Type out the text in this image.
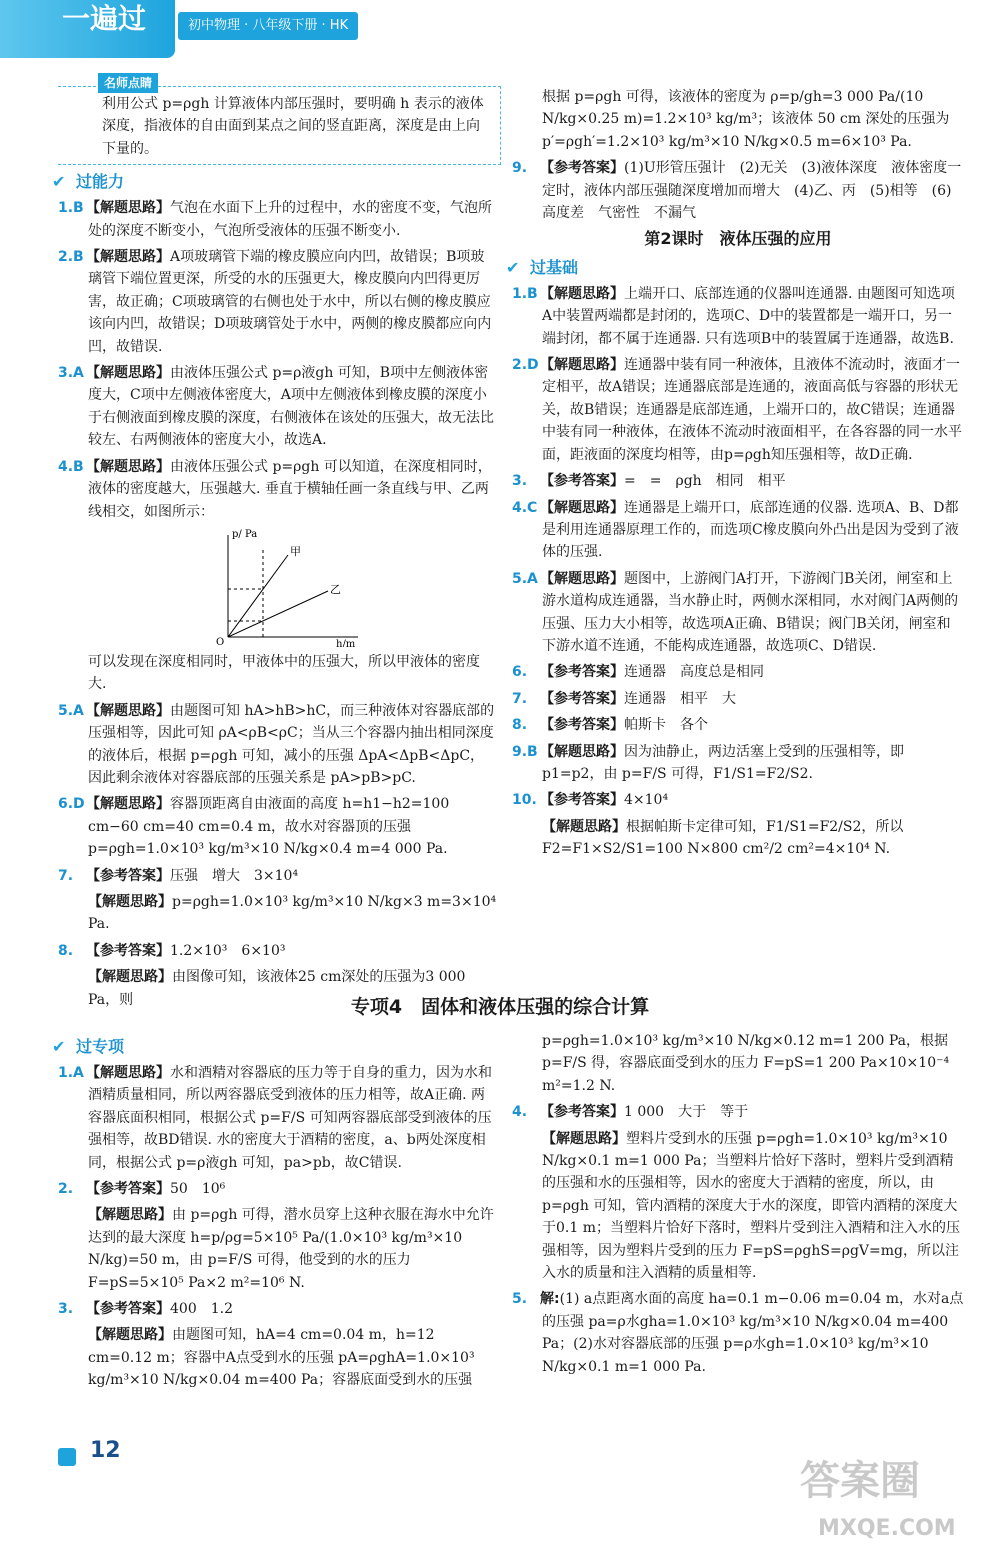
一遍过	初中物理 · 八年级下册 · HK
名师点睛
利用公式 p=ρgh 计算液体内部压强时，要明确 h 表示的液体深度，指液体的自由面到某点之间的竖直距离，深度是由上向下量的。
✔ 过能力
1.B 【解题思路】气泡在水面下上升的过程中，水的密度不变，气泡所处的深度不断变小，气泡所受液体的压强不断变小.
2.B 【解题思路】A项玻璃管下端的橡皮膜应向内凹，故错误；B项玻璃管下端位置更深，所受的水的压强更大，橡皮膜向内凹得更厉害，故正确；C项玻璃管的右侧也处于水中，所以右侧的橡皮膜应该向内凹，故错误；D项玻璃管处于水中，两侧的橡皮膜都应向内凹，故错误.
3.A 【解题思路】由液体压强公式 p=ρ液gh 可知，B项中左侧液体密度大，C项中左侧液体密度大，A项中左侧液体到橡皮膜的深度小于右侧液面到橡皮膜的深度，右侧液体在该处的压强大，故无法比较左、右两侧液体的密度大小，故选A.
4.B 【解题思路】由液体压强公式 p=ρgh 可以知道，在深度相同时，液体的密度越大，压强越大. 垂直于横轴任画一条直线与甲、乙两线相交，如图所示：
p/ Pa
h/m
O
甲
乙
可以发现在深度相同时，甲液体中的压强大，所以甲液体的密度大.
5.A 【解题思路】由题图可知 hA>hB>hC，而三种液体对容器底部的压强相等，因此可知 ρA<ρB<ρC；当从三个容器内抽出相同深度的液体后，根据 p=ρgh 可知，减小的压强 ΔpA<ΔpB<ΔpC，因此剩余液体对容器底部的压强关系是 pA>pB>pC.
6.D【解题思路】容器顶距离自由液面的高度 h=h1−h2=100 cm−60 cm=40 cm=0.4 m，故水对容器顶的压强 p=ρgh=1.0×10³ kg/m³×10 N/kg×0.4 m=4 000 Pa.
7. 【参考答案】压强　增大　3×10⁴
【解题思路】p=ρgh=1.0×10³ kg/m³×10 N/kg×3 m=3×10⁴ Pa.
8. 【参考答案】1.2×10³　6×10³
【解题思路】由图像可知，该液体25 cm深处的压强为3 000 Pa，则
根据 p=ρgh 可得，该液体的密度为 ρ=p/gh=3 000 Pa/(10 N/kg×0.25 m)=1.2×10³ kg/m³；该液体 50 cm 深处的压强为 p′=ρgh′=1.2×10³ kg/m³×10 N/kg×0.5 m=6×10³ Pa.
9. 【参考答案】(1)U形管压强计　(2)无关　(3)液体深度　液体密度一定时，液体内部压强随深度增加而增大　(4)乙、丙　(5)相等　(6)高度差　气密性　不漏气
第2课时　液体压强的应用
✔ 过基础
1.B 【解题思路】上端开口、底部连通的仪器叫连通器. 由题图可知选项A中装置两端都是封闭的，选项C、D中的装置都是一端开口，另一端封闭，都不属于连通器. 只有选项B中的装置属于连通器，故选B.
2.D【解题思路】连通器中装有同一种液体，且液体不流动时，液面才一定相平，故A错误；连通器底部是连通的，液面高低与容器的形状无关，故B错误；连通器是底部连通，上端开口的，故C错误；连通器中装有同一种液体，在液体不流动时液面相平，在各容器的同一水平面，距液面的深度均相等，由p=ρgh知压强相等，故D正确.
3. 【参考答案】=　=　ρgh　相同　相平
4.C 【解题思路】连通器是上端开口，底部连通的仪器. 选项A、B、D都是利用连通器原理工作的，而选项C橡皮膜向外凸出是因为受到了液体的压强.
5.A 【解题思路】题图中，上游阀门A打开，下游阀门B关闭，闸室和上游水道构成连通器，当水静止时，两侧水深相同，水对阀门A两侧的压强、压力大小相等，故选项A正确、B错误；阀门B关闭，闸室和下游水道不连通，不能构成连通器，故选项C、D错误.
6. 【参考答案】连通器　高度总是相同
7. 【参考答案】连通器　相平　大
8. 【参考答案】帕斯卡　各个
9.B 【解题思路】因为油静止，两边活塞上受到的压强相等，即 p1=p2，由 p=F/S 可得，F1/S1=F2/S2.
10. 【参考答案】4×10⁴
【解题思路】根据帕斯卡定律可知，F1/S1=F2/S2，所以 F2=F1×S2/S1=100 N×800 cm²/2 cm²=4×10⁴ N.
专项4　固体和液体压强的综合计算
✔ 过专项
1.A 【解题思路】水和酒精对容器底的压力等于自身的重力，因为水和酒精质量相同，所以两容器底受到液体的压力相等，故A正确. 两容器底面积相同，根据公式 p=F/S 可知两容器底部受到液体的压强相等，故BD错误. 水的密度大于酒精的密度，a、b两处深度相同，根据公式 p=ρ液gh 可知，pa>pb，故C错误.
2. 【参考答案】50　10⁶
【解题思路】由 p=ρgh 可得，潜水员穿上这种衣服在海水中允许达到的最大深度 h=p/ρg=5×10⁵ Pa/(1.0×10³ kg/m³×10 N/kg)=50 m，由 p=F/S 可得，他受到的水的压力 F=pS=5×10⁵ Pa×2 m²=10⁶ N.
3. 【参考答案】400　1.2
【解题思路】由题图可知，hA=4 cm=0.04 m，h=12 cm=0.12 m；容器中A点受到水的压强 pA=ρghA=1.0×10³ kg/m³×10 N/kg×0.04 m=400 Pa；容器底面受到水的压强
p=ρgh=1.0×10³ kg/m³×10 N/kg×0.12 m=1 200 Pa，根据 p=F/S 得，容器底面受到水的压力 F=pS=1 200 Pa×10×10⁻⁴ m²=1.2 N.
4. 【参考答案】1 000　大于　等于
【解题思路】塑料片受到水的压强 p=ρgh=1.0×10³ kg/m³×10 N/kg×0.1 m=1 000 Pa；当塑料片恰好下落时，塑料片受到酒精的压强和水的压强相等，因水的密度大于酒精的密度，所以，由 p=ρgh 可知，管内酒精的深度大于水的深度，即管内酒精的深度大于0.1 m；当塑料片恰好下落时，塑料片受到注入酒精和注入水的压强相等，因为塑料片受到的压力 F=pS=ρghS=ρgV=mg，所以注入水的质量和注入酒精的质量相等.
5. 解:(1) a点距离水面的高度 ha=0.1 m−0.06 m=0.04 m，水对a点的压强 pa=ρ水gha=1.0×10³ kg/m³×10 N/kg×0.04 m=400 Pa；(2)水对容器底部的压强 p=ρ水gh=1.0×10³ kg/m³×10 N/kg×0.1 m=1 000 Pa.
12
答案圈
MXQE.COM
